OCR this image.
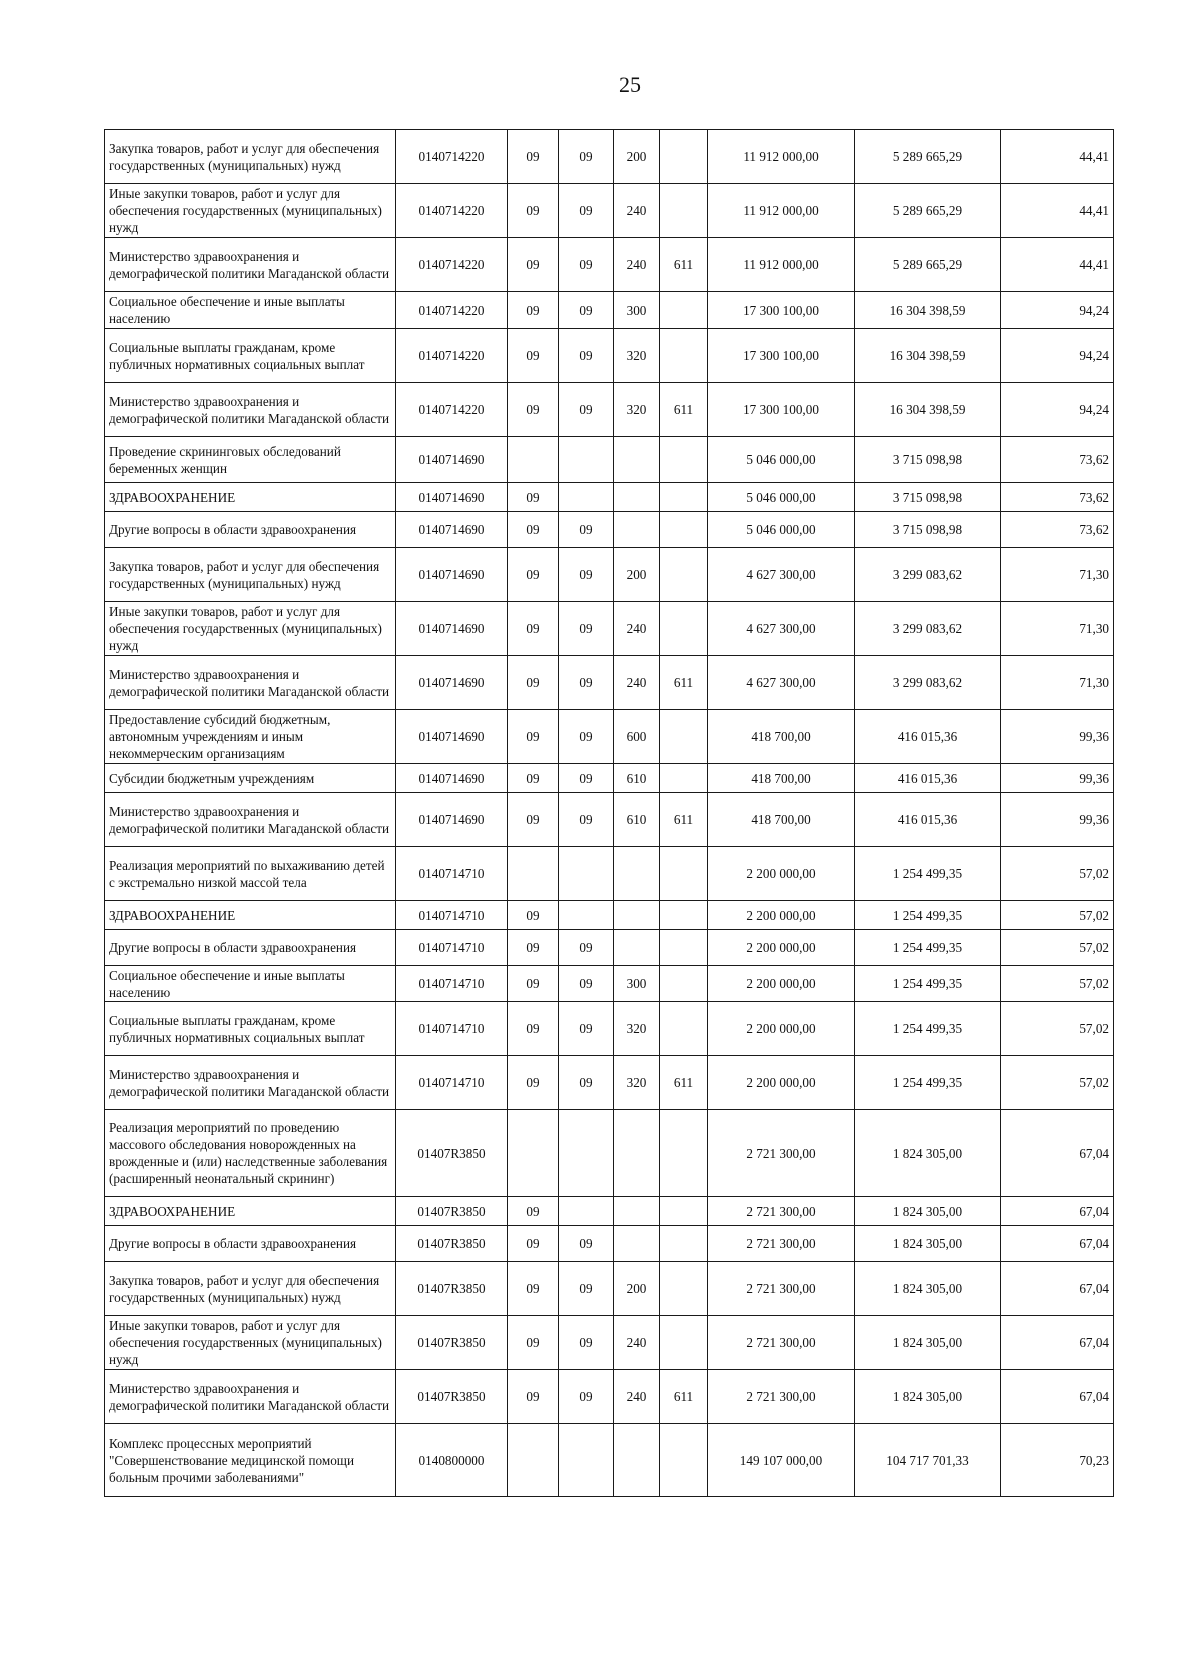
25
Закупка товаров, работ и услуг для обеспечения государственных (муниципальных) нужд	0140714220	09	09	200		11 912 000,00	5 289 665,29	44,41
Иные закупки товаров, работ и услуг для обеспечения государственных (муниципальных) нужд	0140714220	09	09	240		11 912 000,00	5 289 665,29	44,41
Министерство здравоохранения и демографической политики Магаданской области	0140714220	09	09	240	611	11 912 000,00	5 289 665,29	44,41
Социальное обеспечение и иные выплаты населению	0140714220	09	09	300		17 300 100,00	16 304 398,59	94,24
Социальные выплаты гражданам, кроме публичных нормативных социальных выплат	0140714220	09	09	320		17 300 100,00	16 304 398,59	94,24
Министерство здравоохранения и демографической политики Магаданской области	0140714220	09	09	320	611	17 300 100,00	16 304 398,59	94,24
Проведение скрининговых обследований беременных женщин	0140714690					5 046 000,00	3 715 098,98	73,62
ЗДРАВООХРАНЕНИЕ	0140714690	09				5 046 000,00	3 715 098,98	73,62
Другие вопросы в области здравоохранения	0140714690	09	09			5 046 000,00	3 715 098,98	73,62
Закупка товаров, работ и услуг для обеспечения государственных (муниципальных) нужд	0140714690	09	09	200		4 627 300,00	3 299 083,62	71,30
Иные закупки товаров, работ и услуг для обеспечения государственных (муниципальных) нужд	0140714690	09	09	240		4 627 300,00	3 299 083,62	71,30
Министерство здравоохранения и демографической политики Магаданской области	0140714690	09	09	240	611	4 627 300,00	3 299 083,62	71,30
Предоставление субсидий бюджетным, автономным учреждениям и иным некоммерческим организациям	0140714690	09	09	600		418 700,00	416 015,36	99,36
Субсидии бюджетным учреждениям	0140714690	09	09	610		418 700,00	416 015,36	99,36
Министерство здравоохранения и демографической политики Магаданской области	0140714690	09	09	610	611	418 700,00	416 015,36	99,36
Реализация мероприятий по выхаживанию детей с экстремально низкой массой тела	0140714710					2 200 000,00	1 254 499,35	57,02
ЗДРАВООХРАНЕНИЕ	0140714710	09				2 200 000,00	1 254 499,35	57,02
Другие вопросы в области здравоохранения	0140714710	09	09			2 200 000,00	1 254 499,35	57,02
Социальное обеспечение и иные выплаты населению	0140714710	09	09	300		2 200 000,00	1 254 499,35	57,02
Социальные выплаты гражданам, кроме публичных нормативных социальных выплат	0140714710	09	09	320		2 200 000,00	1 254 499,35	57,02
Министерство здравоохранения и демографической политики Магаданской области	0140714710	09	09	320	611	2 200 000,00	1 254 499,35	57,02
Реализация мероприятий по проведению массового обследования новорожденных на врожденные и (или) наследственные заболевания (расширенный неонатальный скрининг)	01407R3850					2 721 300,00	1 824 305,00	67,04
ЗДРАВООХРАНЕНИЕ	01407R3850	09				2 721 300,00	1 824 305,00	67,04
Другие вопросы в области здравоохранения	01407R3850	09	09			2 721 300,00	1 824 305,00	67,04
Закупка товаров, работ и услуг для обеспечения государственных (муниципальных) нужд	01407R3850	09	09	200		2 721 300,00	1 824 305,00	67,04
Иные закупки товаров, работ и услуг для обеспечения государственных (муниципальных) нужд	01407R3850	09	09	240		2 721 300,00	1 824 305,00	67,04
Министерство здравоохранения и демографической политики Магаданской области	01407R3850	09	09	240	611	2 721 300,00	1 824 305,00	67,04
Комплекс процессных мероприятий "Совершенствование медицинской помощи больным прочими заболеваниями"	0140800000					149 107 000,00	104 717 701,33	70,23
